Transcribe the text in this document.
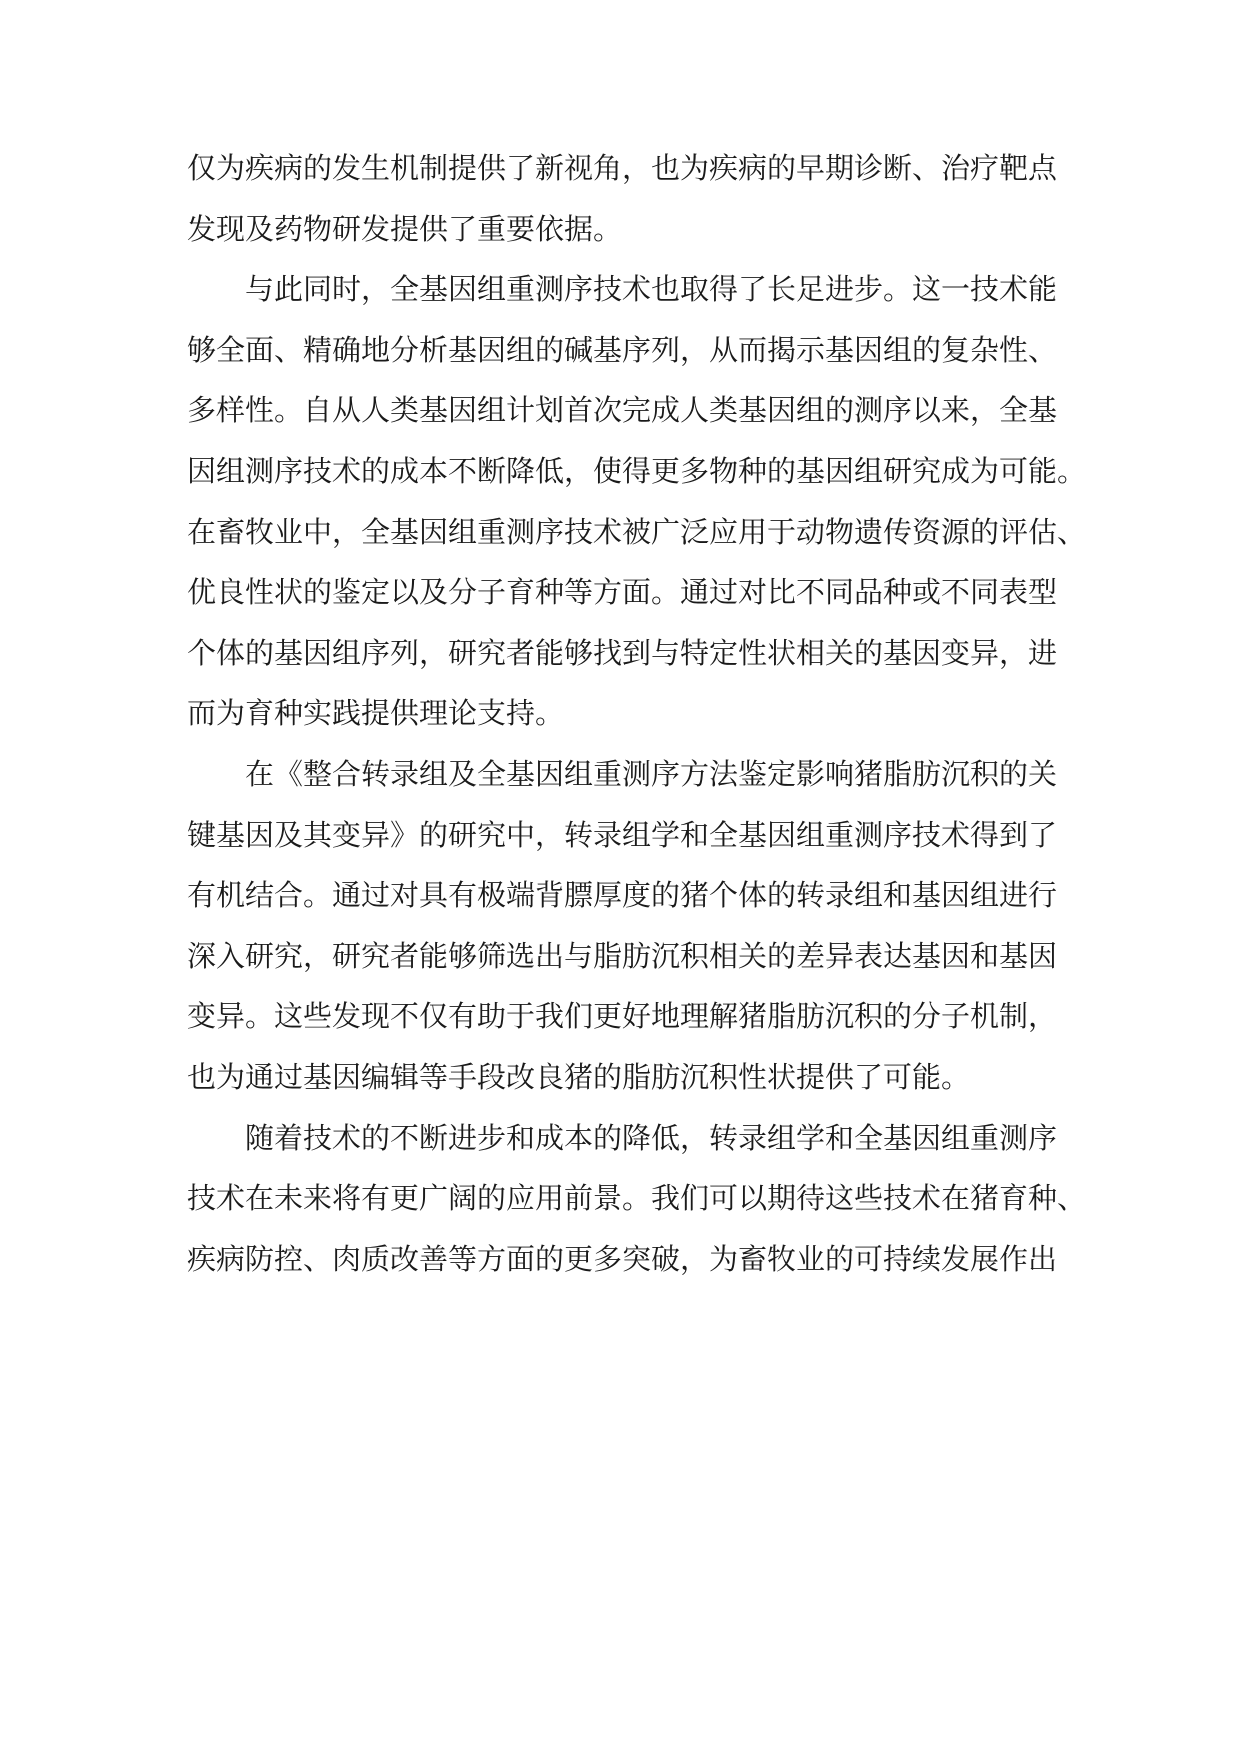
仅为疾病的发生机制提供了新视角，也为疾病的早期诊断、治疗靶点
发现及药物研发提供了重要依据。
与此同时，全基因组重测序技术也取得了长足进步。这一技术能
够全面、精确地分析基因组的碱基序列，从而揭示基因组的复杂性、
多样性。自从人类基因组计划首次完成人类基因组的测序以来，全基
因组测序技术的成本不断降低，使得更多物种的基因组研究成为可能。
在畜牧业中，全基因组重测序技术被广泛应用于动物遗传资源的评估、
优良性状的鉴定以及分子育种等方面。通过对比不同品种或不同表型
个体的基因组序列，研究者能够找到与特定性状相关的基因变异，进
而为育种实践提供理论支持。
在《整合转录组及全基因组重测序方法鉴定影响猪脂肪沉积的关
键基因及其变异》的研究中，转录组学和全基因组重测序技术得到了
有机结合。通过对具有极端背膘厚度的猪个体的转录组和基因组进行
深入研究，研究者能够筛选出与脂肪沉积相关的差异表达基因和基因
变异。这些发现不仅有助于我们更好地理解猪脂肪沉积的分子机制，
也为通过基因编辑等手段改良猪的脂肪沉积性状提供了可能。
随着技术的不断进步和成本的降低，转录组学和全基因组重测序
技术在未来将有更广阔的应用前景。我们可以期待这些技术在猪育种、
疾病防控、肉质改善等方面的更多突破，为畜牧业的可持续发展作出
